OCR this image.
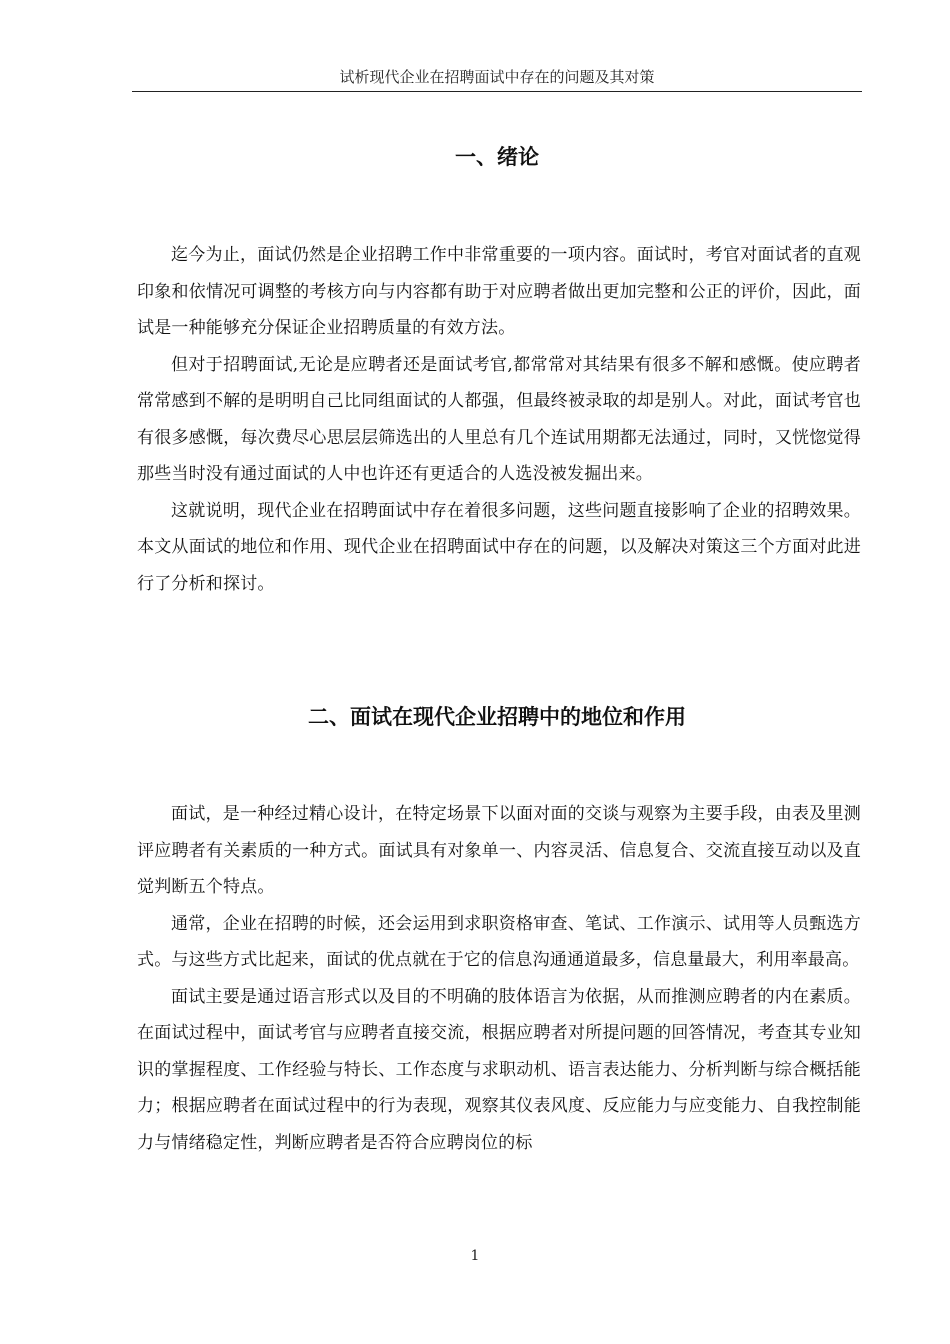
试析现代企业在招聘面试中存在的问题及其对策
一、绪论

迄今为止，面试仍然是企业招聘工作中非常重要的一项内容。面试时，考官对面试者的直观印象和依情况可调整的考核方向与内容都有助于对应聘者做出更加完整和公正的评价，因此，面试是一种能够充分保证企业招聘质量的有效方法。

但对于招聘面试,无论是应聘者还是面试考官,都常常对其结果有很多不解和感慨。使应聘者常常感到不解的是明明自己比同组面试的人都强，但最终被录取的却是别人。对此，面试考官也有很多感慨，每次费尽心思层层筛选出的人里总有几个连试用期都无法通过，同时，又恍惚觉得那些当时没有通过面试的人中也许还有更适合的人选没被发掘出来。

这就说明，现代企业在招聘面试中存在着很多问题，这些问题直接影响了企业的招聘效果。本文从面试的地位和作用、现代企业在招聘面试中存在的问题，以及解决对策这三个方面对此进行了分析和探讨。

二、面试在现代企业招聘中的地位和作用

面试，是一种经过精心设计，在特定场景下以面对面的交谈与观察为主要手段，由表及里测评应聘者有关素质的一种方式。面试具有对象单一、内容灵活、信息复合、交流直接互动以及直觉判断五个特点。

通常，企业在招聘的时候，还会运用到求职资格审查、笔试、工作演示、试用等人员甄选方式。与这些方式比起来，面试的优点就在于它的信息沟通通道最多，信息量最大，利用率最高。

面试主要是通过语言形式以及目的不明确的肢体语言为依据，从而推测应聘者的内在素质。在面试过程中，面试考官与应聘者直接交流，根据应聘者对所提问题的回答情况，考查其专业知识的掌握程度、工作经验与特长、工作态度与求职动机、语言表达能力、分析判断与综合概括能力；根据应聘者在面试过程中的行为表现，观察其仪表风度、反应能力与应变能力、自我控制能力与情绪稳定性，判断应聘者是否符合应聘岗位的标

1
